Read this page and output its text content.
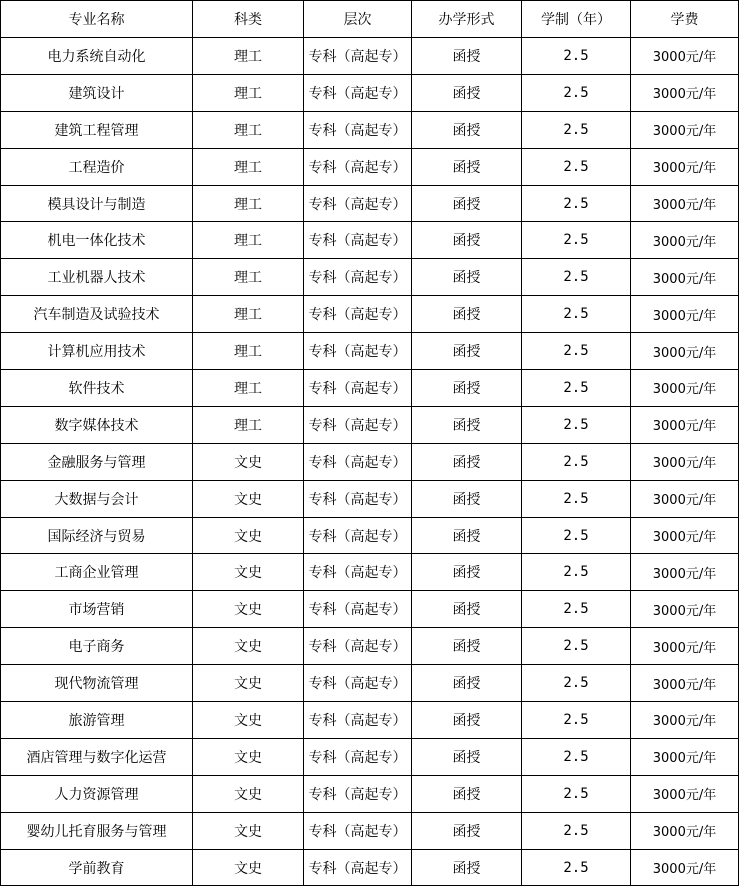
专业名称	科类	层次	办学形式	学制（年）	学费
电力系统自动化	理工	专科（高起专）	函授	2.5	3000元/年
建筑设计	理工	专科（高起专）	函授	2.5	3000元/年
建筑工程管理	理工	专科（高起专）	函授	2.5	3000元/年
工程造价	理工	专科（高起专）	函授	2.5	3000元/年
模具设计与制造	理工	专科（高起专）	函授	2.5	3000元/年
机电一体化技术	理工	专科（高起专）	函授	2.5	3000元/年
工业机器人技术	理工	专科（高起专）	函授	2.5	3000元/年
汽车制造及试验技术	理工	专科（高起专）	函授	2.5	3000元/年
计算机应用技术	理工	专科（高起专）	函授	2.5	3000元/年
软件技术	理工	专科（高起专）	函授	2.5	3000元/年
数字媒体技术	理工	专科（高起专）	函授	2.5	3000元/年
金融服务与管理	文史	专科（高起专）	函授	2.5	3000元/年
大数据与会计	文史	专科（高起专）	函授	2.5	3000元/年
国际经济与贸易	文史	专科（高起专）	函授	2.5	3000元/年
工商企业管理	文史	专科（高起专）	函授	2.5	3000元/年
市场营销	文史	专科（高起专）	函授	2.5	3000元/年
电子商务	文史	专科（高起专）	函授	2.5	3000元/年
现代物流管理	文史	专科（高起专）	函授	2.5	3000元/年
旅游管理	文史	专科（高起专）	函授	2.5	3000元/年
酒店管理与数字化运营	文史	专科（高起专）	函授	2.5	3000元/年
人力资源管理	文史	专科（高起专）	函授	2.5	3000元/年
婴幼儿托育服务与管理	文史	专科（高起专）	函授	2.5	3000元/年
学前教育	文史	专科（高起专）	函授	2.5	3000元/年
